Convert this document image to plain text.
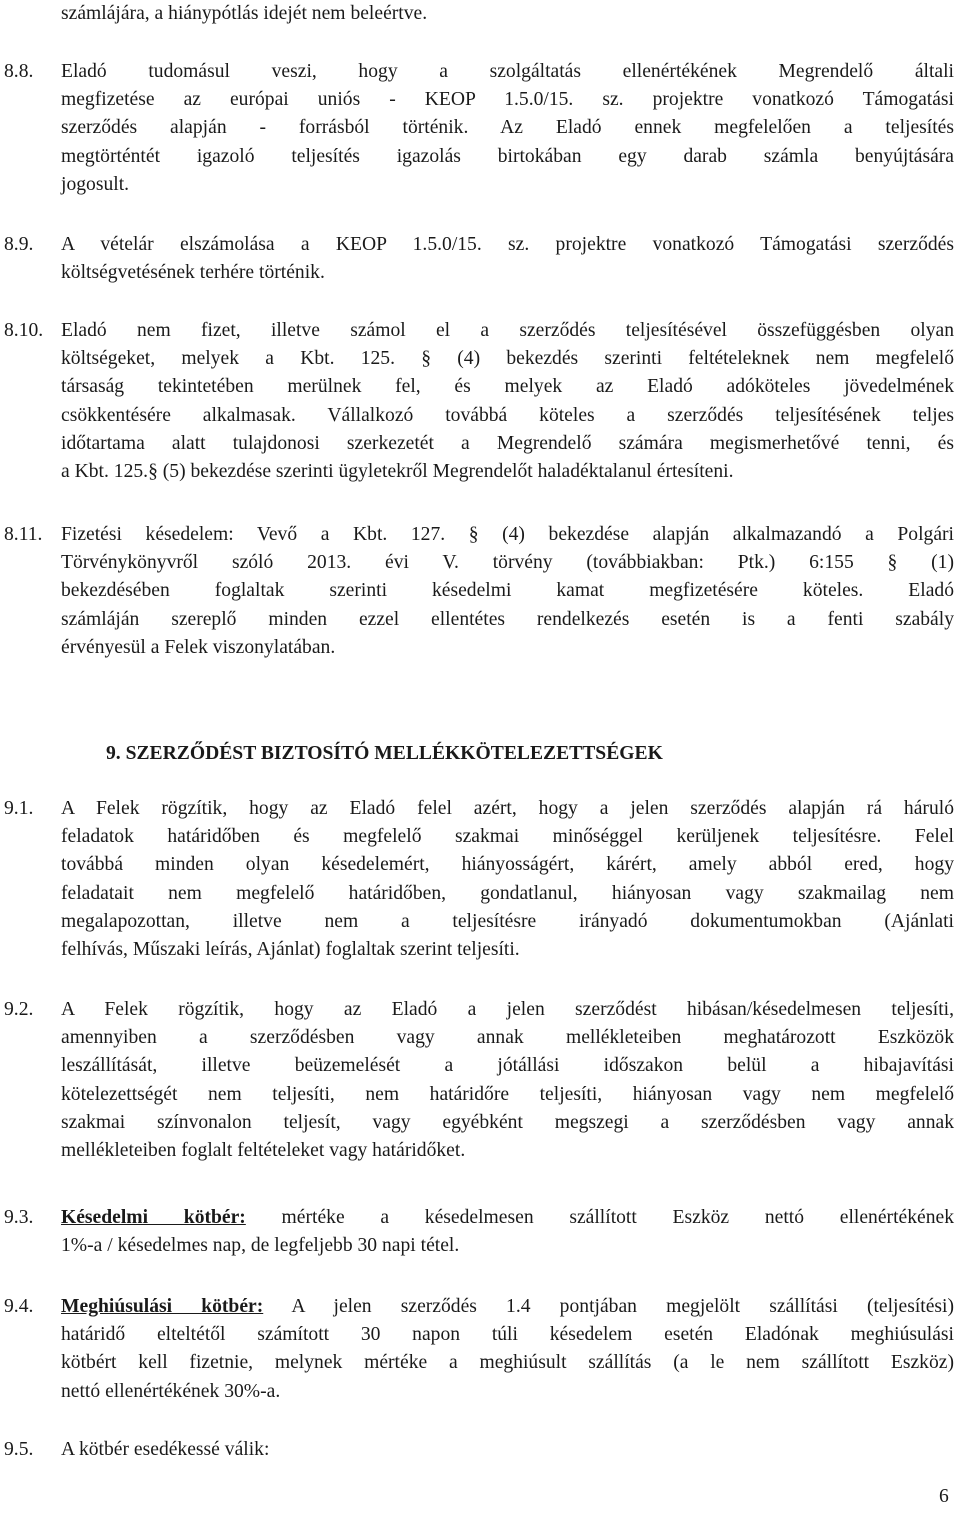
számlájára, a hiánypótlás idejét nem beleértve.
8.8. Eladó tudomásul veszi, hogy a szolgáltatás ellenértékének Megrendelő általi
megfizetése az európai uniós - KEOP 1.5.0/15. sz. projektre vonatkozó Támogatási
szerződés alapján - forrásból történik. Az Eladó ennek megfelelően a teljesítés
megtörténtét igazoló teljesítés igazolás birtokában egy darab számla benyújtására
jogosult.
8.9. A vételár elszámolása a KEOP 1.5.0/15. sz. projektre vonatkozó Támogatási szerződés
költségvetésének terhére történik.
8.10. Eladó nem fizet, illetve számol el a szerződés teljesítésével összefüggésben olyan
költségeket, melyek a Kbt. 125. § (4) bekezdés szerinti feltételeknek nem megfelelő
társaság tekintetében merülnek fel, és melyek az Eladó adóköteles jövedelmének
csökkentésére alkalmasak. Vállalkozó továbbá köteles a szerződés teljesítésének teljes
időtartama alatt tulajdonosi szerkezetét a Megrendelő számára megismerhetővé tenni, és
a Kbt. 125.§ (5) bekezdése szerinti ügyletekről Megrendelőt haladéktalanul értesíteni.
8.11. Fizetési késedelem: Vevő a Kbt. 127. § (4) bekezdése alapján alkalmazandó a Polgári
Törvénykönyvről szóló 2013. évi V. törvény (továbbiakban: Ptk.) 6:155 § (1)
bekezdésében foglaltak szerinti késedelmi kamat megfizetésére köteles. Eladó
számláján szereplő minden ezzel ellentétes rendelkezés esetén is a fenti szabály
érvényesül a Felek viszonylatában.
9. SZERZŐDÉST BIZTOSÍTÓ MELLÉKKÖTELEZETTSÉGEK
9.1. A Felek rögzítik, hogy az Eladó felel azért, hogy a jelen szerződés alapján rá háruló
feladatok határidőben és megfelelő szakmai minőséggel kerüljenek teljesítésre. Felel
továbbá minden olyan késedelemért, hiányosságért, kárért, amely abból ered, hogy
feladatait nem megfelelő határidőben, gondatlanul, hiányosan vagy szakmailag nem
megalapozottan, illetve nem a teljesítésre irányadó dokumentumokban (Ajánlati
felhívás, Műszaki leírás, Ajánlat) foglaltak szerint teljesíti.
9.2. A Felek rögzítik, hogy az Eladó a jelen szerződést hibásan/késedelmesen teljesíti,
amennyiben a szerződésben vagy annak mellékleteiben meghatározott Eszközök
leszállítását, illetve beüzemelését a jótállási időszakon belül a hibajavítási
kötelezettségét nem teljesíti, nem határidőre teljesíti, hiányosan vagy nem megfelelő
szakmai színvonalon teljesít, vagy egyébként megszegi a szerződésben vagy annak
mellékleteiben foglalt feltételeket vagy határidőket.
9.3. Késedelmi kötbér: mértéke a késedelmesen szállított Eszköz nettó ellenértékének
1%-a / késedelmes nap, de legfeljebb 30 napi tétel.
9.4. Meghiúsulási kötbér: A jelen szerződés 1.4 pontjában megjelölt szállítási (teljesítési)
határidő elteltétől számított 30 napon túli késedelem esetén Eladónak meghiúsulási
kötbért kell fizetnie, melynek mértéke a meghiúsult szállítás (a le nem szállított Eszköz)
nettó ellenértékének 30%-a.
9.5. A kötbér esedékessé válik:
6
